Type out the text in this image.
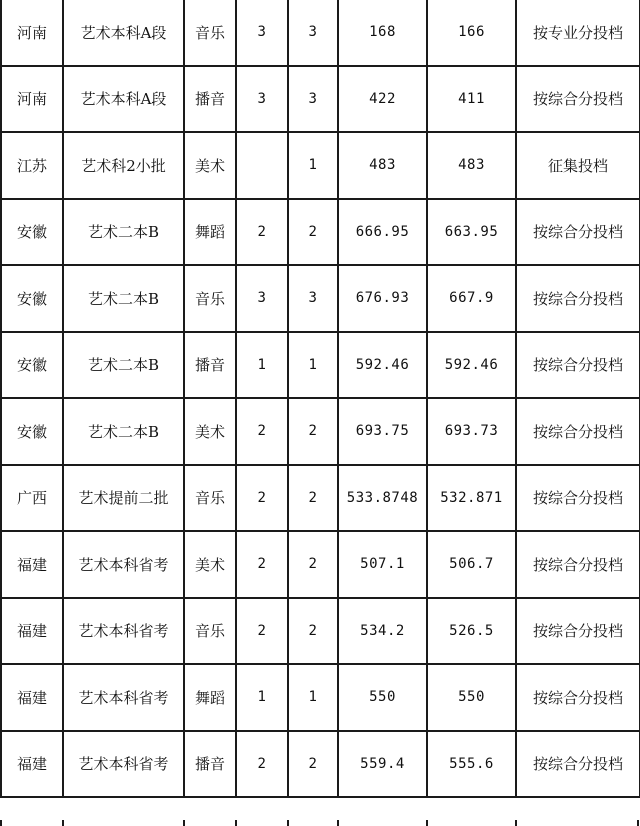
河南	艺术本科A段	音乐	3	3	168	166	按专业分投档
河南	艺术本科A段	播音	3	3	422	411	按综合分投档
江苏	艺术科2小批	美术		1	483	483	征集投档
安徽	艺术二本B	舞蹈	2	2	666.95	663.95	按综合分投档
安徽	艺术二本B	音乐	3	3	676.93	667.9	按综合分投档
安徽	艺术二本B	播音	1	1	592.46	592.46	按综合分投档
安徽	艺术二本B	美术	2	2	693.75	693.73	按综合分投档
广西	艺术提前二批	音乐	2	2	533.8748	532.871	按综合分投档
福建	艺术本科省考	美术	2	2	507.1	506.7	按综合分投档
福建	艺术本科省考	音乐	2	2	534.2	526.5	按综合分投档
福建	艺术本科省考	舞蹈	1	1	550	550	按综合分投档
福建	艺术本科省考	播音	2	2	559.4	555.6	按综合分投档
